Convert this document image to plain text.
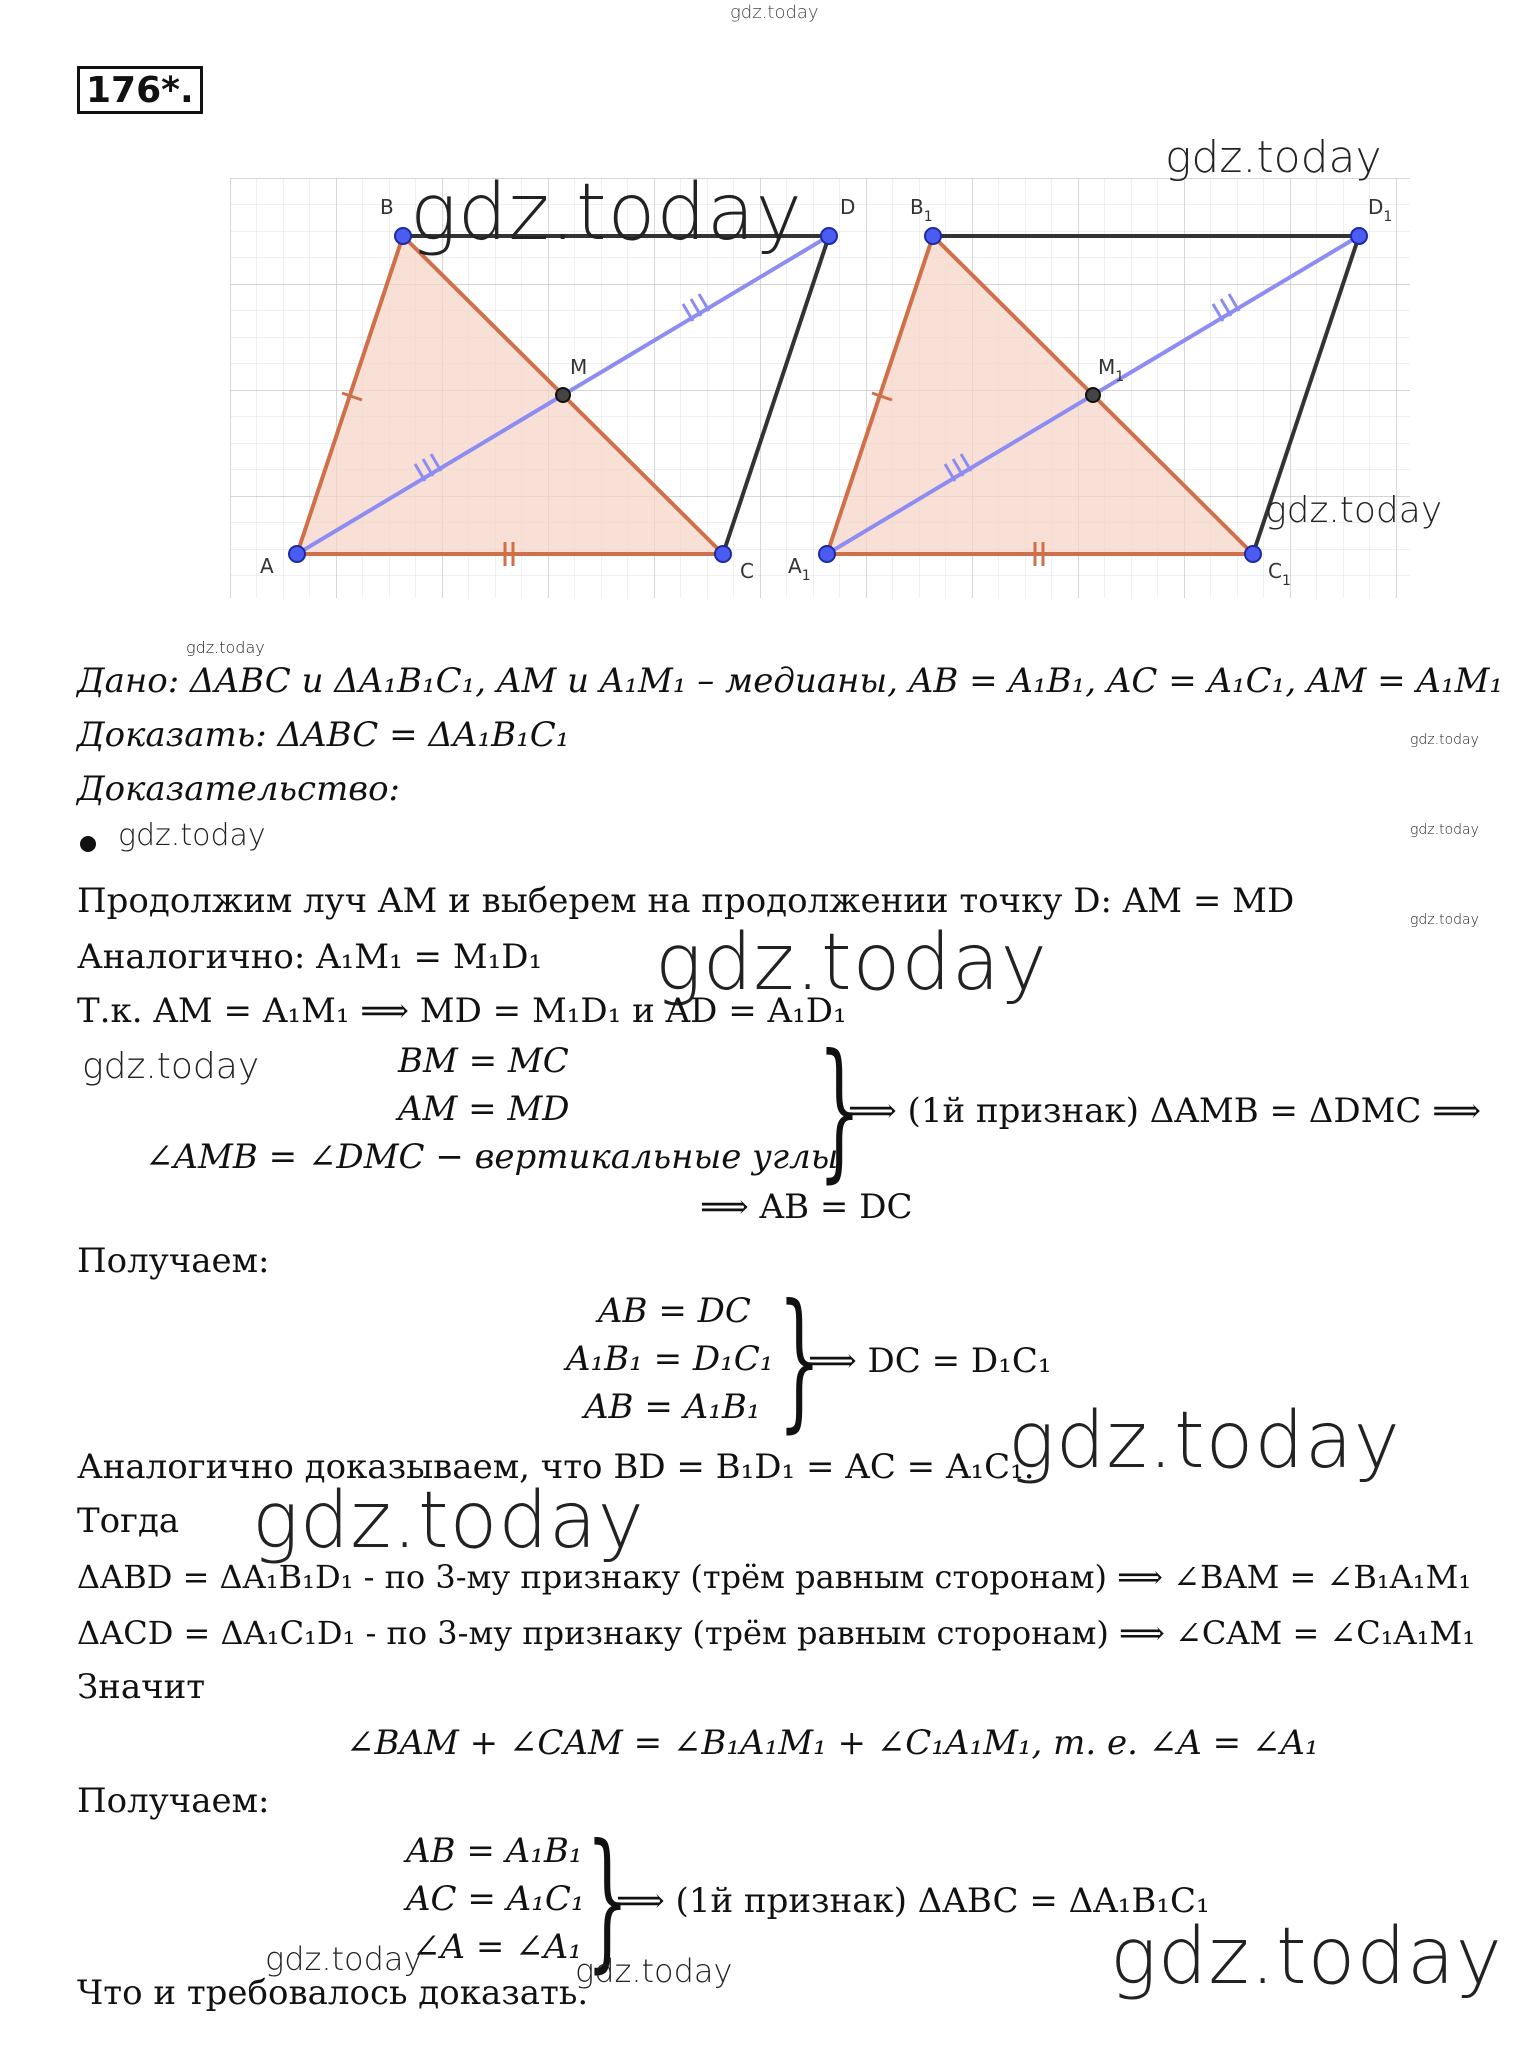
gdz.today
176*.
A
B
C
D
M
$A_1$
$B_1$
$C_1$
$D_1$
$M_1$
gdz.today
gdz.today
gdz.today
gdz.today
Дано: ΔABC и ΔA₁B₁C₁, AM и A₁M₁ – медианы, AB = A₁B₁, AC = A₁C₁, AM = A₁M₁
Доказать: ΔABC = ΔA₁B₁C₁	gdz.today
Доказательство:
gdz.today	gdz.today
gdz.today
Продолжим луч AM и выберем на продолжении точку D: AM = MD
Аналогично: A₁M₁ = M₁D₁ gdz.today
Т.к. AM = A₁M₁ ⟹ MD = M₁D₁ и AD = A₁D₁
gdz.today	BM = MC
AM = MD
∠AMB = ∠DMC − вертикальные углы
}
⟹ (1й признак) ΔAMB = ΔDMC ⟹
⟹ AB = DC
Получаем:
AB = DC
A₁B₁ = D₁C₁
AB = A₁B₁ }
⟹ DC = D₁C₁
Аналогично доказываем, что BD = B₁D₁ = AC = A₁C₁.
gdz.today
Тогда gdz.today
ΔABD = ΔA₁B₁D₁ - по 3-му признаку (трём равным сторонам) ⟹ ∠BAM = ∠B₁A₁M₁
ΔACD = ΔA₁C₁D₁ - по 3-му признаку (трём равным сторонам) ⟹ ∠CAM = ∠C₁A₁M₁
Значит
∠BAM + ∠CAM = ∠B₁A₁M₁ + ∠C₁A₁M₁, т. е. ∠A = ∠A₁
Получаем:
AB = A₁B₁
AC = A₁C₁
∠A = ∠A₁ }
⟹ (1й признак) ΔABC = ΔA₁B₁C₁
gdz.today
gdz.today
Что и требовалось доказать.
gdz.today
